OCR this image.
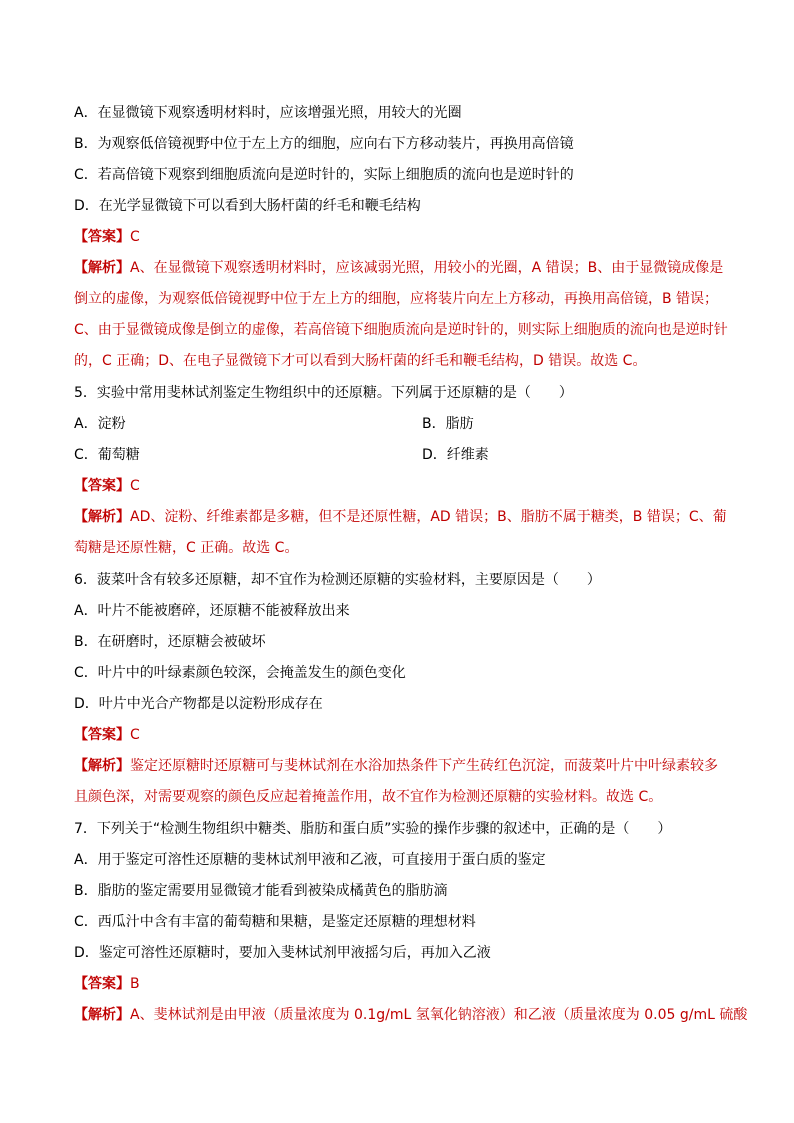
A．在显微镜下观察透明材料时，应该增强光照，用较大的光圈
B．为观察低倍镜视野中位于左上方的细胞，应向右下方移动装片，再换用高倍镜
C．若高倍镜下观察到细胞质流向是逆时针的，实际上细胞质的流向也是逆时针的
D．在光学显微镜下可以看到大肠杆菌的纤毛和鞭毛结构
【答案】C
【解析】A、在显微镜下观察透明材料时，应该减弱光照，用较小的光圈，A 错误；B、由于显微镜成像是
倒立的虚像，为观察低倍镜视野中位于左上方的细胞，应将装片向左上方移动，再换用高倍镜，B 错误；
C、由于显微镜成像是倒立的虚像，若高倍镜下细胞质流向是逆时针的，则实际上细胞质的流向也是逆时针
的，C 正确；D、在电子显微镜下才可以看到大肠杆菌的纤毛和鞭毛结构，D 错误。故选 C。
5．实验中常用斐林试剂鉴定生物组织中的还原糖。下列属于还原糖的是（　　）
A．淀粉	B．脂肪
C．葡萄糖	D．纤维素
【答案】C
【解析】AD、淀粉、纤维素都是多糖，但不是还原性糖，AD 错误；B、脂肪不属于糖类，B 错误；C、葡
萄糖是还原性糖，C 正确。故选 C。
6．菠菜叶含有较多还原糖，却不宜作为检测还原糖的实验材料，主要原因是（　　）
A．叶片不能被磨碎，还原糖不能被释放出来
B．在研磨时，还原糖会被破坏
C．叶片中的叶绿素颜色较深，会掩盖发生的颜色变化
D．叶片中光合产物都是以淀粉形成存在
【答案】C
【解析】鉴定还原糖时还原糖可与斐林试剂在水浴加热条件下产生砖红色沉淀，而菠菜叶片中叶绿素较多
且颜色深，对需要观察的颜色反应起着掩盖作用，故不宜作为检测还原糖的实验材料。故选 C。
7．下列关于“检测生物组织中糖类、脂肪和蛋白质”实验的操作步骤的叙述中，正确的是（　　）
A．用于鉴定可溶性还原糖的斐林试剂甲液和乙液，可直接用于蛋白质的鉴定
B．脂肪的鉴定需要用显微镜才能看到被染成橘黄色的脂肪滴
C．西瓜汁中含有丰富的葡萄糖和果糖，是鉴定还原糖的理想材料
D．鉴定可溶性还原糖时，要加入斐林试剂甲液摇匀后，再加入乙液
【答案】B
【解析】A、斐林试剂是由甲液（质量浓度为 0.1g/mL 氢氧化钠溶液）和乙液（质量浓度为 0.05 g/mL 硫酸
